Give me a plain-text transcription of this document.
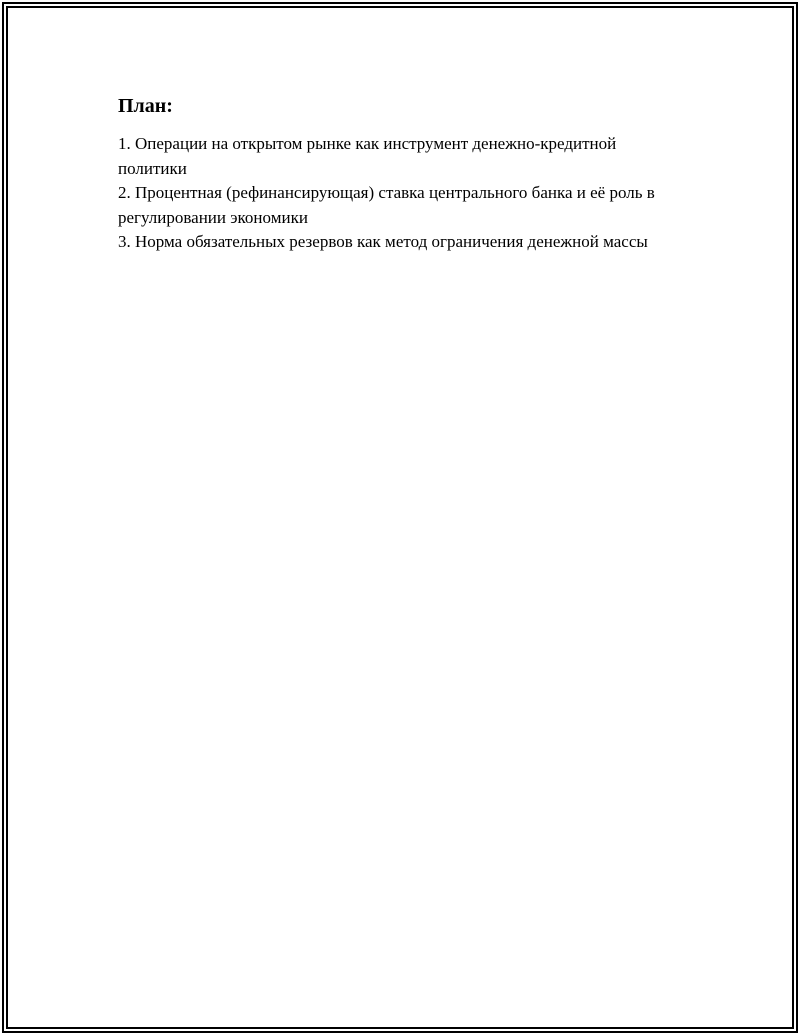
План:
1. Операции на открытом рынке как инструмент денежно-кредитной политики
2. Процентная (рефинансирующая) ставка центрального банка и её роль в регулировании экономики
3. Норма обязательных резервов как метод ограничения денежной массы
